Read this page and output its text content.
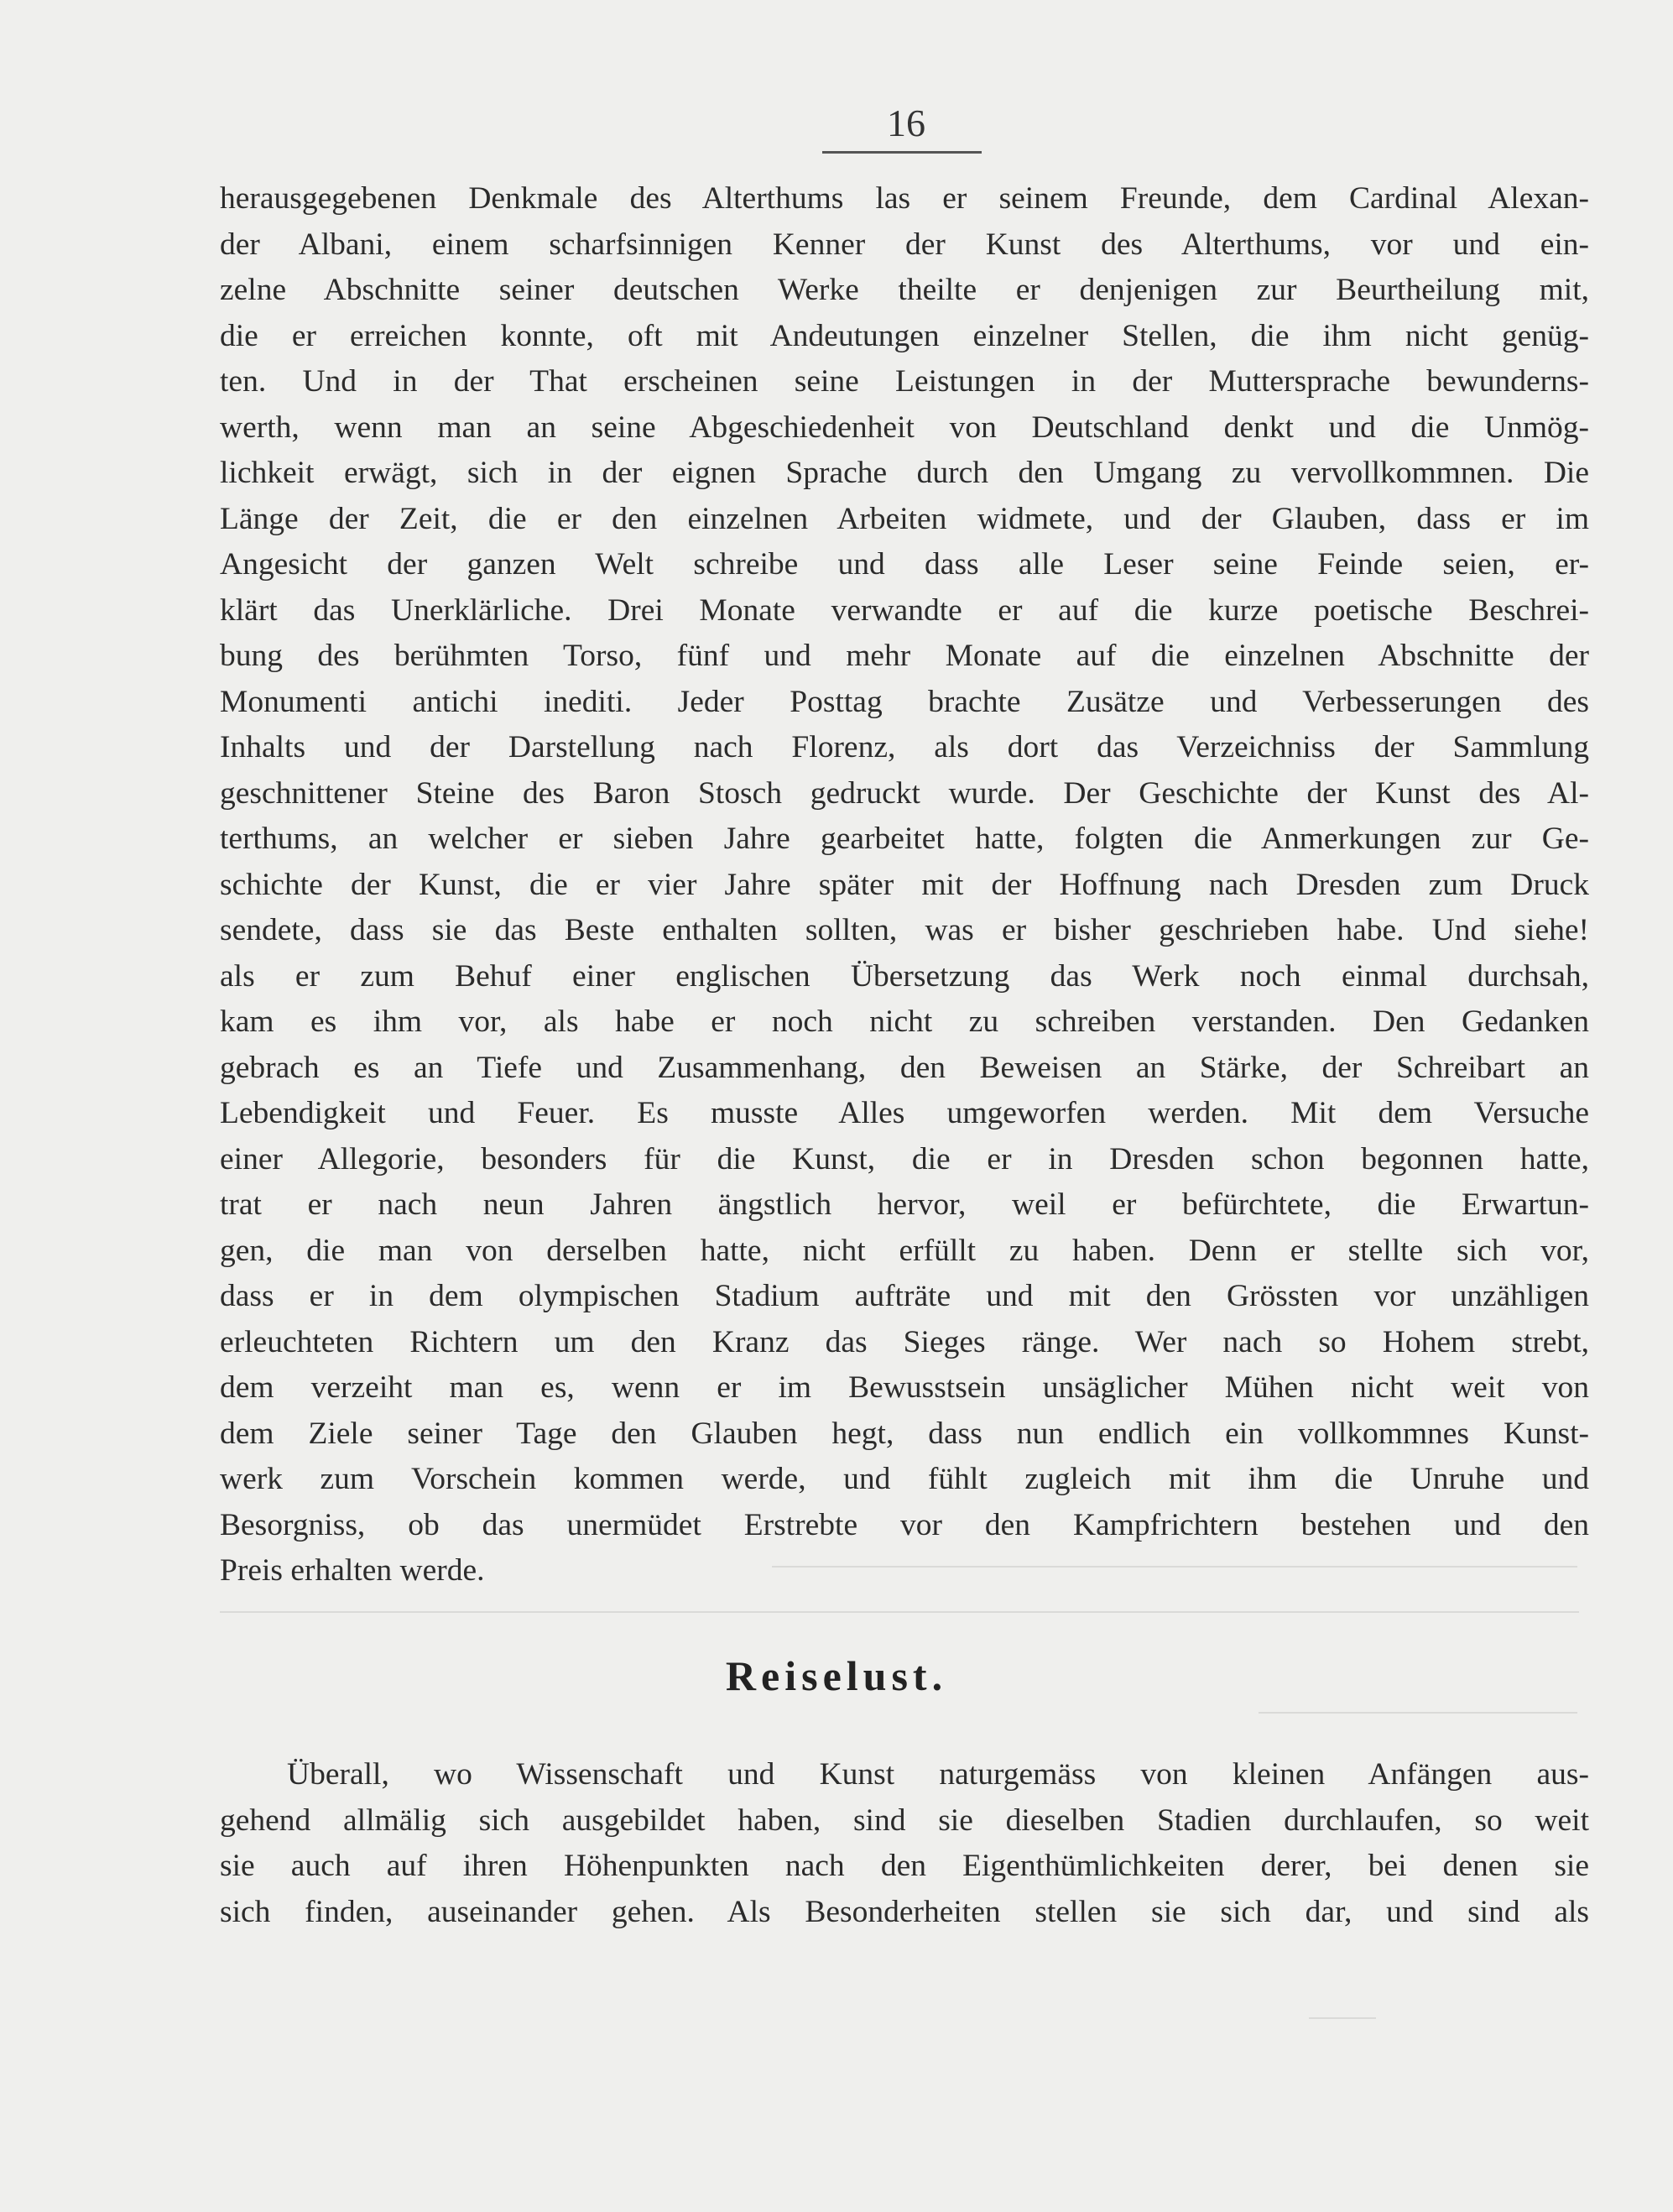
16
herausgegebenen Denkmale des Alterthums las er seinem Freunde, dem Cardinal Alexan-
der Albani, einem scharfsinnigen Kenner der Kunst des Alterthums, vor und ein-
zelne Abschnitte seiner deutschen Werke theilte er denjenigen zur Beurtheilung mit,
die er erreichen konnte, oft mit Andeutungen einzelner Stellen, die ihm nicht genüg-
ten. Und in der That erscheinen seine Leistungen in der Muttersprache bewunderns-
werth, wenn man an seine Abgeschiedenheit von Deutschland denkt und die Unmög-
lichkeit erwägt, sich in der eignen Sprache durch den Umgang zu vervollkommnen. Die
Länge der Zeit, die er den einzelnen Arbeiten widmete, und der Glauben, dass er im
Angesicht der ganzen Welt schreibe und dass alle Leser seine Feinde seien, er-
klärt das Unerklärliche. Drei Monate verwandte er auf die kurze poetische Beschrei-
bung des berühmten Torso, fünf und mehr Monate auf die einzelnen Abschnitte der
Monumenti antichi inediti. Jeder Posttag brachte Zusätze und Verbesserungen des
Inhalts und der Darstellung nach Florenz, als dort das Verzeichniss der Sammlung
geschnittener Steine des Baron Stosch gedruckt wurde. Der Geschichte der Kunst des Al-
terthums, an welcher er sieben Jahre gearbeitet hatte, folgten die Anmerkungen zur Ge-
schichte der Kunst, die er vier Jahre später mit der Hoffnung nach Dresden zum Druck
sendete, dass sie das Beste enthalten sollten, was er bisher geschrieben habe. Und siehe!
als er zum Behuf einer englischen Übersetzung das Werk noch einmal durchsah,
kam es ihm vor, als habe er noch nicht zu schreiben verstanden. Den Gedanken
gebrach es an Tiefe und Zusammenhang, den Beweisen an Stärke, der Schreibart an
Lebendigkeit und Feuer. Es musste Alles umgeworfen werden. Mit dem Versuche
einer Allegorie, besonders für die Kunst, die er in Dresden schon begonnen hatte,
trat er nach neun Jahren ängstlich hervor, weil er befürchtete, die Erwartun-
gen, die man von derselben hatte, nicht erfüllt zu haben. Denn er stellte sich vor,
dass er in dem olympischen Stadium aufträte und mit den Grössten vor unzähligen
erleuchteten Richtern um den Kranz das Sieges ränge. Wer nach so Hohem strebt,
dem verzeiht man es, wenn er im Bewusstsein unsäglicher Mühen nicht weit von
dem Ziele seiner Tage den Glauben hegt, dass nun endlich ein vollkommnes Kunst-
werk zum Vorschein kommen werde, und fühlt zugleich mit ihm die Unruhe und
Besorgniss, ob das unermüdet Erstrebte vor den Kampfrichtern bestehen und den
Preis erhalten werde.
Reiselust.
Überall, wo Wissenschaft und Kunst naturgemäss von kleinen Anfängen aus-
gehend allmälig sich ausgebildet haben, sind sie dieselben Stadien durchlaufen, so weit
sie auch auf ihren Höhenpunkten nach den Eigenthümlichkeiten derer, bei denen sie
sich finden, auseinander gehen. Als Besonderheiten stellen sie sich dar, und sind als
